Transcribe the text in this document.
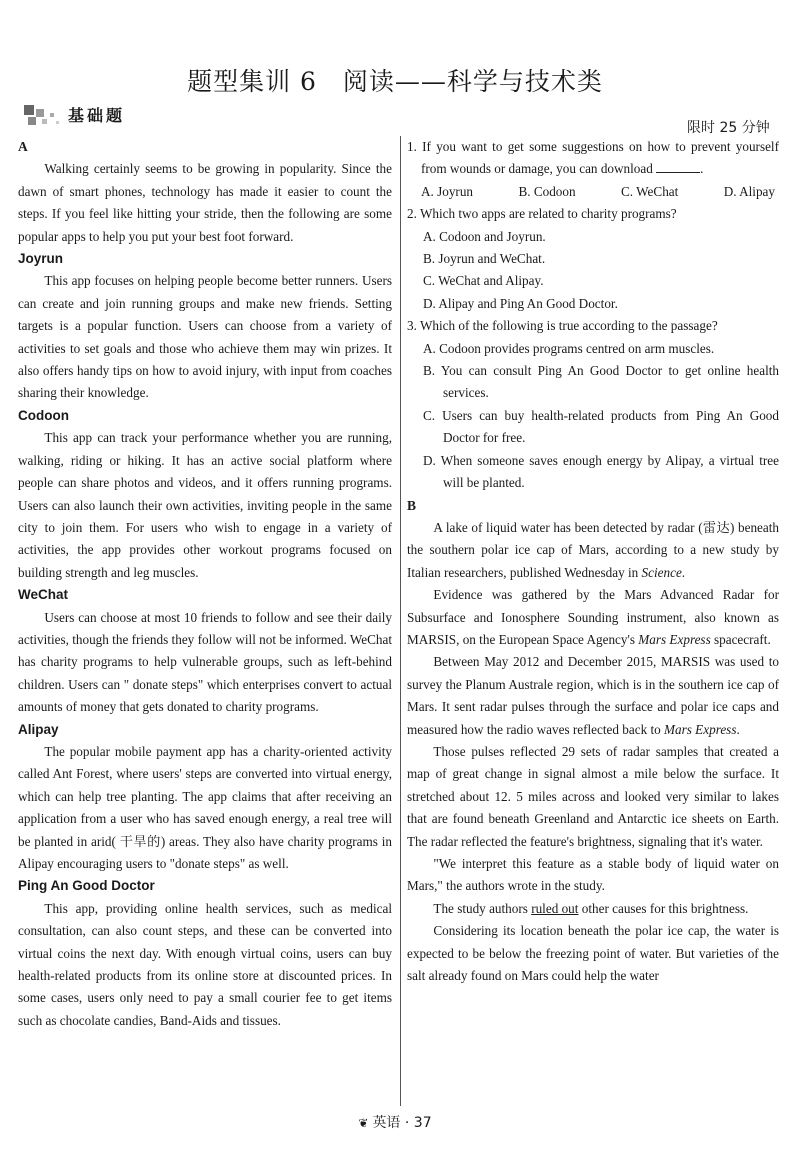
题型集训 6　阅读——科学与技术类
基础题
限时 25 分钟

A

Walking certainly seems to be growing in popularity. Since the dawn of smart phones, technology has made it easier to count the steps. If you feel like hitting your stride, then the following are some popular apps to help you put your best foot forward.

Joyrun

This app focuses on helping people become better runners. Users can create and join running groups and make new friends. Setting targets is a popular function. Users can choose from a variety of activities to set goals and those who achieve them may win prizes. It also offers handy tips on how to avoid injury, with input from coaches sharing their knowledge.

Codoon

This app can track your performance whether you are running, walking, riding or hiking. It has an active social platform where people can share photos and videos, and it offers running programs. Users can also launch their own activities, inviting people in the same city to join them. For users who wish to engage in a variety of activities, the app provides other workout programs focused on building strength and leg muscles.

WeChat

Users can choose at most 10 friends to follow and see their daily activities, though the friends they follow will not be informed. WeChat has charity programs to help vulnerable groups, such as left-behind children. Users can " donate steps" which enterprises convert to actual amounts of money that gets donated to charity programs.

Alipay

The popular mobile payment app has a charity-oriented activity called Ant Forest, where users' steps are converted into virtual energy, which can help tree planting. The app claims that after receiving an application from a user who has saved enough energy, a real tree will be planted in arid( 干旱的) areas. They also have charity programs in Alipay encouraging users to "donate steps" as well.

Ping An Good Doctor

This app, providing online health services, such as medical consultation, can also count steps, and these can be converted into virtual coins the next day. With enough virtual coins, users can buy health-related products from its online store at discounted prices. In some cases, users only need to pay a small courier fee to get items such as chocolate candies, Band-Aids and tissues.

1. If you want to get some suggestions on how to prevent yourself from wounds or damage, you can download	.

A. Joyrun	B. Codoon	C. WeChat	D. Alipay

2. Which two apps are related to charity programs?

A. Codoon and Joyrun.

B. Joyrun and WeChat.

C. WeChat and Alipay.

D. Alipay and Ping An Good Doctor.

3. Which of the following is true according to the passage?

A. Codoon provides programs centred on arm muscles.

B. You can consult Ping An Good Doctor to get online health services.

C. Users can buy health-related products from Ping An Good Doctor for free.

D. When someone saves enough energy by Alipay, a virtual tree will be planted.

B

A lake of liquid water has been detected by radar (雷达) beneath the southern polar ice cap of Mars, according to a new study by Italian researchers, published Wednesday in Science.

Evidence was gathered by the Mars Advanced Radar for Subsurface and Ionosphere Sounding instrument, also known as MARSIS, on the European Space Agency's Mars Express spacecraft.

Between May 2012 and December 2015, MARSIS was used to survey the Planum Australe region, which is in the southern ice cap of Mars. It sent radar pulses through the surface and polar ice caps and measured how the radio waves reflected back to Mars Express.

Those pulses reflected 29 sets of radar samples that created a map of great change in signal almost a mile below the surface. It stretched about 12. 5 miles across and looked very similar to lakes that are found beneath Greenland and Antarctic ice sheets on Earth. The radar reflected the feature's brightness, signaling that it's water.

"We interpret this feature as a stable body of liquid water on Mars," the authors wrote in the study.

The study authors ruled out other causes for this brightness.

Considering its location beneath the polar ice cap, the water is expected to be below the freezing point of water. But varieties of the salt already found on Mars could help the water

❦ 英语 · 37
